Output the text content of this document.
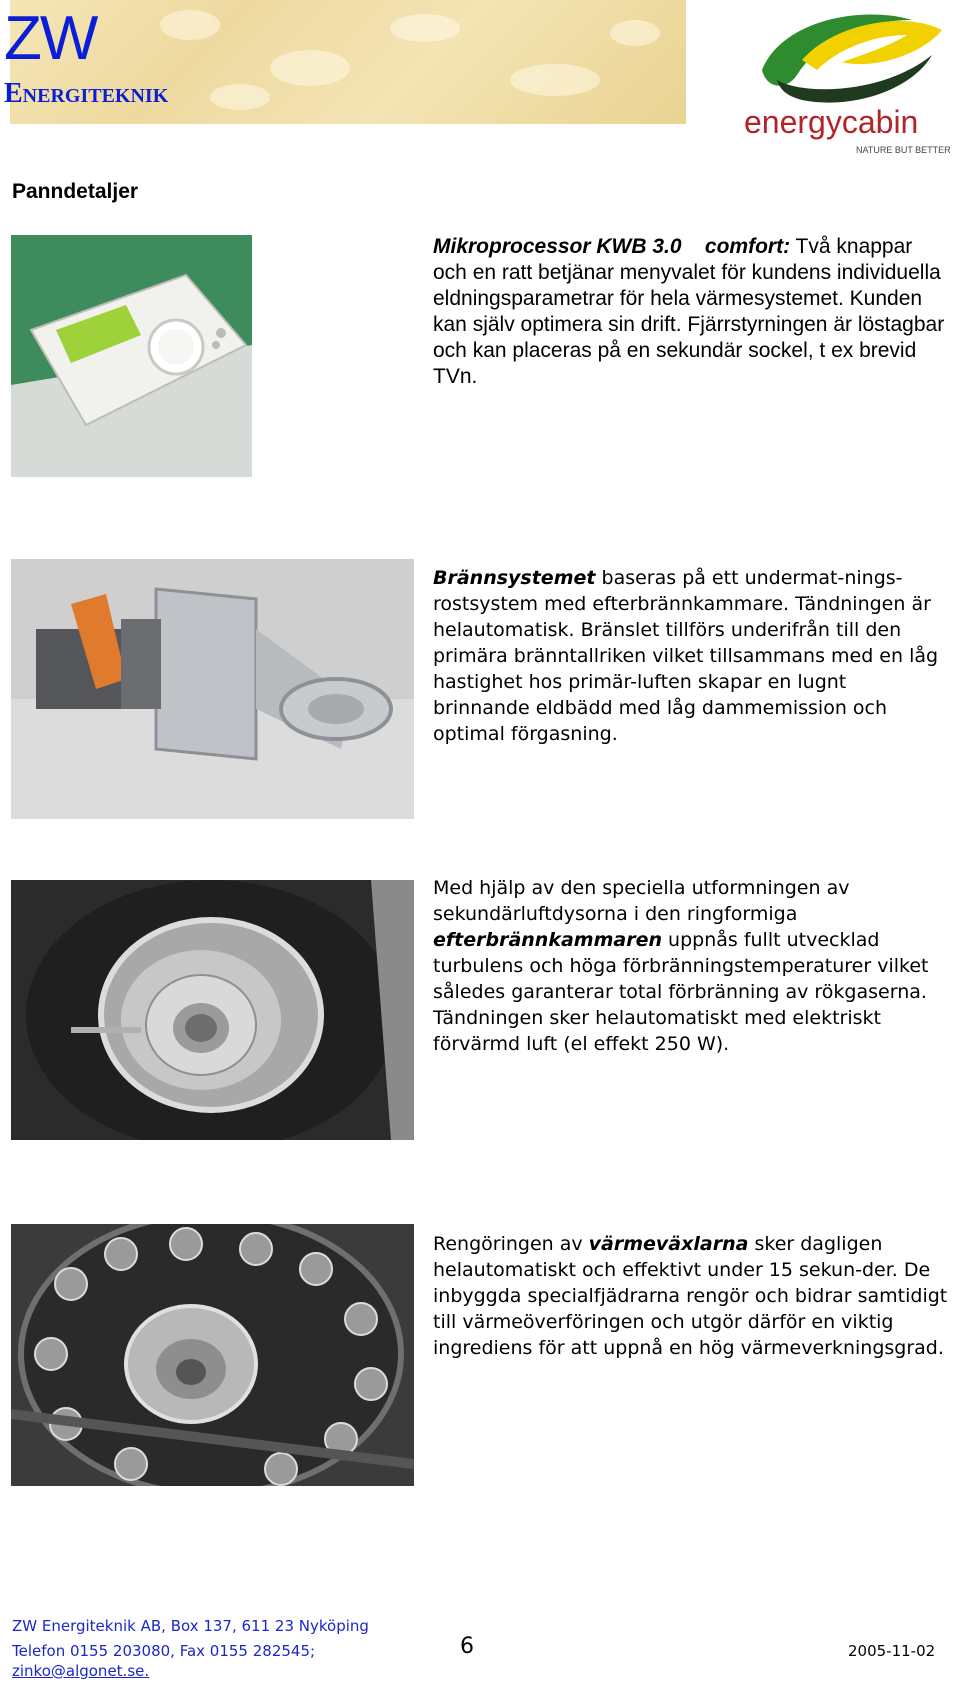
ZW
Energiteknik
energycabin
NATURE BUT BETTER
Panndetaljer
Mikroprocessor KWB 3.0 comfort: Två knappar och en ratt betjänar menyvalet för kundens individuella eldningsparametrar för hela värmesystemet. Kunden kan själv optimera sin drift. Fjärrstyrningen är löstagbar och kan placeras på en sekundär sockel, t ex brevid TVn.
Brännsystemet baseras på ett undermat-nings-rostsystem med efterbrännkammare. Tändningen är helautomatisk. Bränslet tillförs underifrån till den primära bränntallriken vilket tillsammans med en låg hastighet hos primär-luften skapar en lugnt brinnande eldbädd med låg dammemission och optimal förgasning.
Med hjälp av den speciella utformningen av sekundärluftdysorna i den ringformiga efterbrännkammaren uppnås fullt utvecklad turbulens och höga förbränningstemperaturer vilket således garanterar total förbränning av rökgaserna. Tändningen sker helautomatiskt med elektriskt förvärmd luft (el effekt 250 W).
Rengöringen av värmeväxlarna sker dagligen helautomatiskt och effektivt under 15 sekun-der. De inbyggda specialfjädrarna rengör och bidrar samtidigt till värmeöverföringen och utgör därför en viktig ingrediens för att uppnå en hög värmeverkningsgrad.
ZW Energiteknik AB, Box 137, 611 23 Nyköping
Telefon 0155 203080, Fax 0155 282545;
zinko@algonet.se.
6	2005-11-02
